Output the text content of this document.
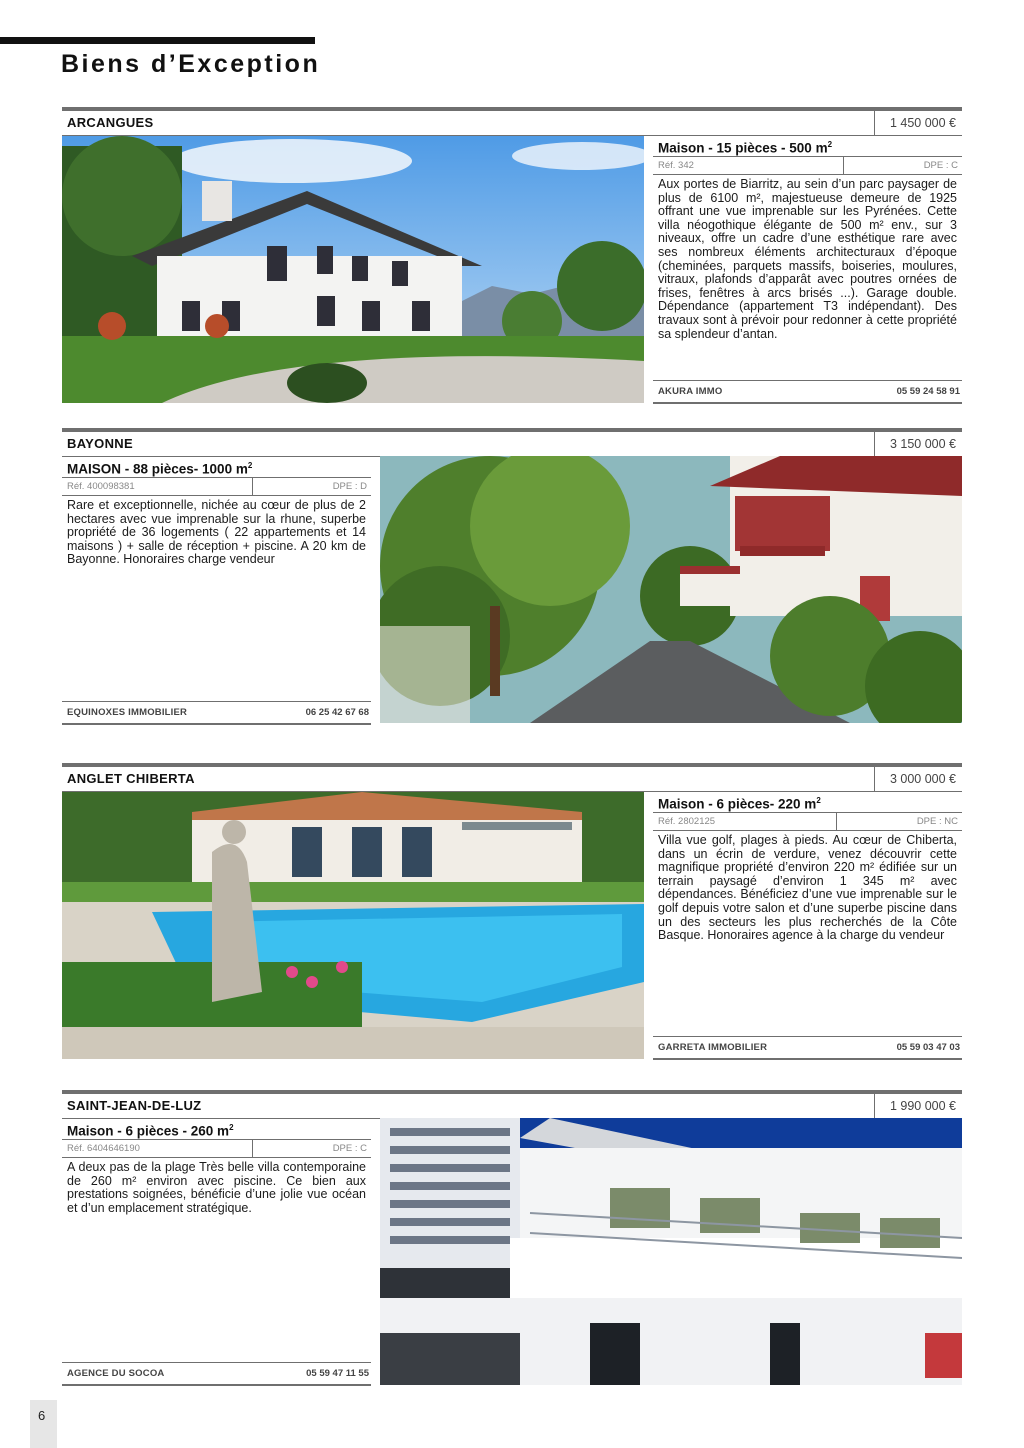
Biens d’Exception
ARCANGUES	1 450 000 €
Maison - 15 pièces - 500 $m^2$
Réf. 342	DPE : C
Aux portes de Biarritz, au sein d’un parc paysager de plus de 6100 m², majestueuse demeure de 1925 offrant une vue imprenable sur les Pyrénées. Cette villa néogothique élégante de 500 m² env., sur 3 niveaux, offre un cadre d’une esthétique rare avec ses nombreux éléments architecturaux d’époque (cheminées, parquets massifs, boiseries, moulures, vitraux, plafonds d’apparât avec poutres ornées de frises, fenêtres à arcs brisés ...). Garage double. Dépendance (appartement T3 indépendant). Des travaux sont à prévoir pour redonner à cette propriété sa splendeur d’antan.
AKURA IMMO	05 59 24 58 91
BAYONNE	3 150 000 €
MAISON - 88 pièces- 1000 $m^2$
Réf. 400098381	DPE : D
Rare et exceptionnelle, nichée au cœur de plus de 2 hectares avec vue imprenable sur la rhune, superbe propriété de 36 logements ( 22 appartements et 14 maisons ) + salle de réception + piscine. A 20 km de Bayonne. Honoraires charge vendeur
EQUINOXES IMMOBILIER	06 25 42 67 68
ANGLET CHIBERTA	3 000 000 €
Maison - 6 pièces- 220 $m^2$
Réf. 2802125	DPE : NC
Villa vue golf, plages à pieds. Au cœur de Chiberta, dans un écrin de verdure, venez découvrir cette magnifique propriété d’environ 220 m² édifiée sur un terrain paysagé d’environ 1 345 m² avec dépendances. Bénéficiez d’une vue imprenable sur le golf depuis votre salon et d’une superbe piscine dans un des secteurs les plus recherchés de la Côte Basque. Honoraires agence à la charge du vendeur
GARRETA IMMOBILIER	05 59 03 47 03
SAINT-JEAN-DE-LUZ	1 990 000 €
Maison - 6 pièces - 260 $m^2$
Réf. 6404646190	DPE : C
A deux pas de la plage Très belle villa contemporaine de 260 m² environ avec piscine. Ce bien aux prestations soignées, bénéficie d’une jolie vue océan et d’un emplacement stratégique.
AGENCE DU SOCOA	05 59 47 11 55
6
